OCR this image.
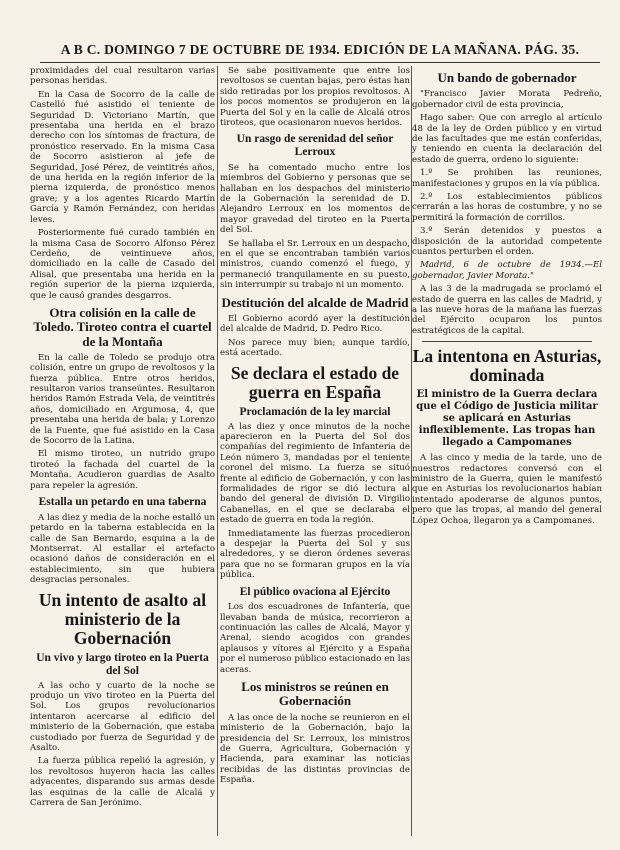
A B C. DOMINGO 7 DE OCTUBRE DE 1934. EDICIÓN DE LA MAÑANA. PÁG. 35.

proximidades del cual resultaron varias personas heridas.

En la Casa de Socorro de la calle de Castelló fué asistido el teniente de Seguridad D. Victoriano Martín, que presentaba una herida en el brazo derecho con los síntomas de fractura, de pronóstico reservado. En la misma Casa de Socorro asistieron al jefe de Seguridad, José Pérez, de veintitrés años, de una herida en la región inferior de la pierna izquierda, de pronóstico menos grave; y a los agentes Ricardo Martín García y Ramón Fernández, con heridas leves.

Posteriormente fué curado también en la misma Casa de Socorro Alfonso Pérez Cerdeño, de veintinueve años, domiciliado en la calle de Casado del Alisal, que presentaba una herida en la región superior de la pierna izquierda, que le causó grandes desgarros.

Otra colisión en la calle de Toledo. Tiroteo contra el cuartel de la Montaña

En la calle de Toledo se produjo otra colisión, entre un grupo de revoltosos y la fuerza pública. Entre otros heridos, resultaron varios transeúntes. Resultaron heridos Ramón Estrada Vela, de veintitrés años, domiciliado en Argumosa, 4, que presentaba una herida de bala; y Lorenzo de la Fuente, que fué asistido en la Casa de Socorro de la Latina.

El mismo tiroteo, un nutrido grupo tiroteó la fachada del cuartel de la Montaña. Acudieron guardias de Asalto para repeler la agresión.

Estalla un petardo en una taberna

A las diez y media de la noche estalló un petardo en la taberna establecida en la calle de San Bernardo, esquina a la de Montserrat. Al estallar el artefacto ocasionó daños de consideración en el establecimiento, sin que hubiera desgracias personales.

Un intento de asalto al ministerio de la Gobernación
Un vivo y largo tiroteo en la Puerta del Sol

A las ocho y cuarto de la noche se produjo un vivo tiroteo en la Puerta del Sol. Los grupos revolucionarios intentaron acercarse al edificio del ministerio de la Gobernación, que estaba custodiado por fuerza de Seguridad y de Asalto.

La fuerza pública repelió la agresión, y los revoltosos huyeron hacia las calles adyacentes, disparando sus armas desde las esquinas de la calle de Alcalá y Carrera de San Jerónimo.

Se sabe positivamente que entre los revoltosos se cuentan bajas, pero éstas han sido retiradas por los propios revoltosos. A los pocos momentos se produjeron en la Puerta del Sol y en la calle de Alcalá otros tiroteos, que ocasionaron nuevos heridos.

Un rasgo de serenidad del señor Lerroux

Se ha comentado mucho entre los miembros del Gobierno y personas que se hallaban en los despachos del ministerio de la Gobernación la serenidad de D. Alejandro Lerroux en los momentos de mayor gravedad del tiroteo en la Puerta del Sol.

Se hallaba el Sr. Lerroux en un despacho, en el que se encontraban también varios ministros, cuando comenzó el fuego, y permaneció tranquilamente en su puesto, sin interrumpir su trabajo ni un momento.

Destitución del alcalde de Madrid

El Gobierno acordó ayer la destitución del alcalde de Madrid, D. Pedro Rico.

Nos parece muy bien; aunque tardío, está acertado.

Se declara el estado de guerra en España
Proclamación de la ley marcial

A las diez y once minutos de la noche aparecieron en la Puerta del Sol dos compañías del regimiento de Infantería de León número 3, mandadas por el teniente coronel del mismo. La fuerza se situó frente al edificio de Gobernación, y con las formalidades de rigor se dió lectura al bando del general de división D. Virgilio Cabanellas, en el que se declaraba el estado de guerra en toda la región.

Inmediatamente las fuerzas procedieron a despejar la Puerta del Sol y sus alrededores, y se dieron órdenes severas para que no se formaran grupos en la vía pública.

El público ovaciona al Ejército

Los dos escuadrones de Infantería, que llevaban banda de música, recorrieron a continuación las calles de Alcalá, Mayor y Arenal, siendo acogidos con grandes aplausos y vítores al Ejército y a España por el numeroso público estacionado en las aceras.

Los ministros se reúnen en Gobernación

A las once de la noche se reunieron en el ministerio de la Gobernación, bajo la presidencia del Sr. Lerroux, los ministros de Guerra, Agricultura, Gobernación y Hacienda, para examinar las noticias recibidas de las distintas provincias de España.

Un bando de gobernador

"Francisco Javier Morata Pedreño, gobernador civil de esta provincia,

Hago saber: Que con arreglo al artículo 48 de la ley de Orden público y en virtud de las facultades que me están conferidas, y teniendo en cuenta la declaración del estado de guerra, ordeno lo siguiente:

1.º Se prohiben las reuniones, manifestaciones y grupos en la vía pública.

2.º Los establecimientos públicos cerrarán a las horas de costumbre, y no se permitirá la formación de corrillos.

3.º Serán detenidos y puestos a disposición de la autoridad competente cuantos perturben el orden.

Madrid, 6 de octubre de 1934.—El gobernador, Javier Morata."

A las 3 de la madrugada se proclamó el estado de guerra en las calles de Madrid, y a las nueve horas de la mañana las fuerzas del Ejército ocuparon los puntos estratégicos de la capital.

La intentona en Asturias, dominada
El ministro de la Guerra declara que el Código de Justicia militar se aplicará en Asturias inflexiblemente. Las tropas han llegado a Campomanes

A las cinco y media de la tarde, uno de nuestros redactores conversó con el ministro de la Guerra, quien le manifestó que en Asturias los revolucionarios habían intentado apoderarse de algunos puntos, pero que las tropas, al mando del general López Ochoa, llegaron ya a Campomanes.
